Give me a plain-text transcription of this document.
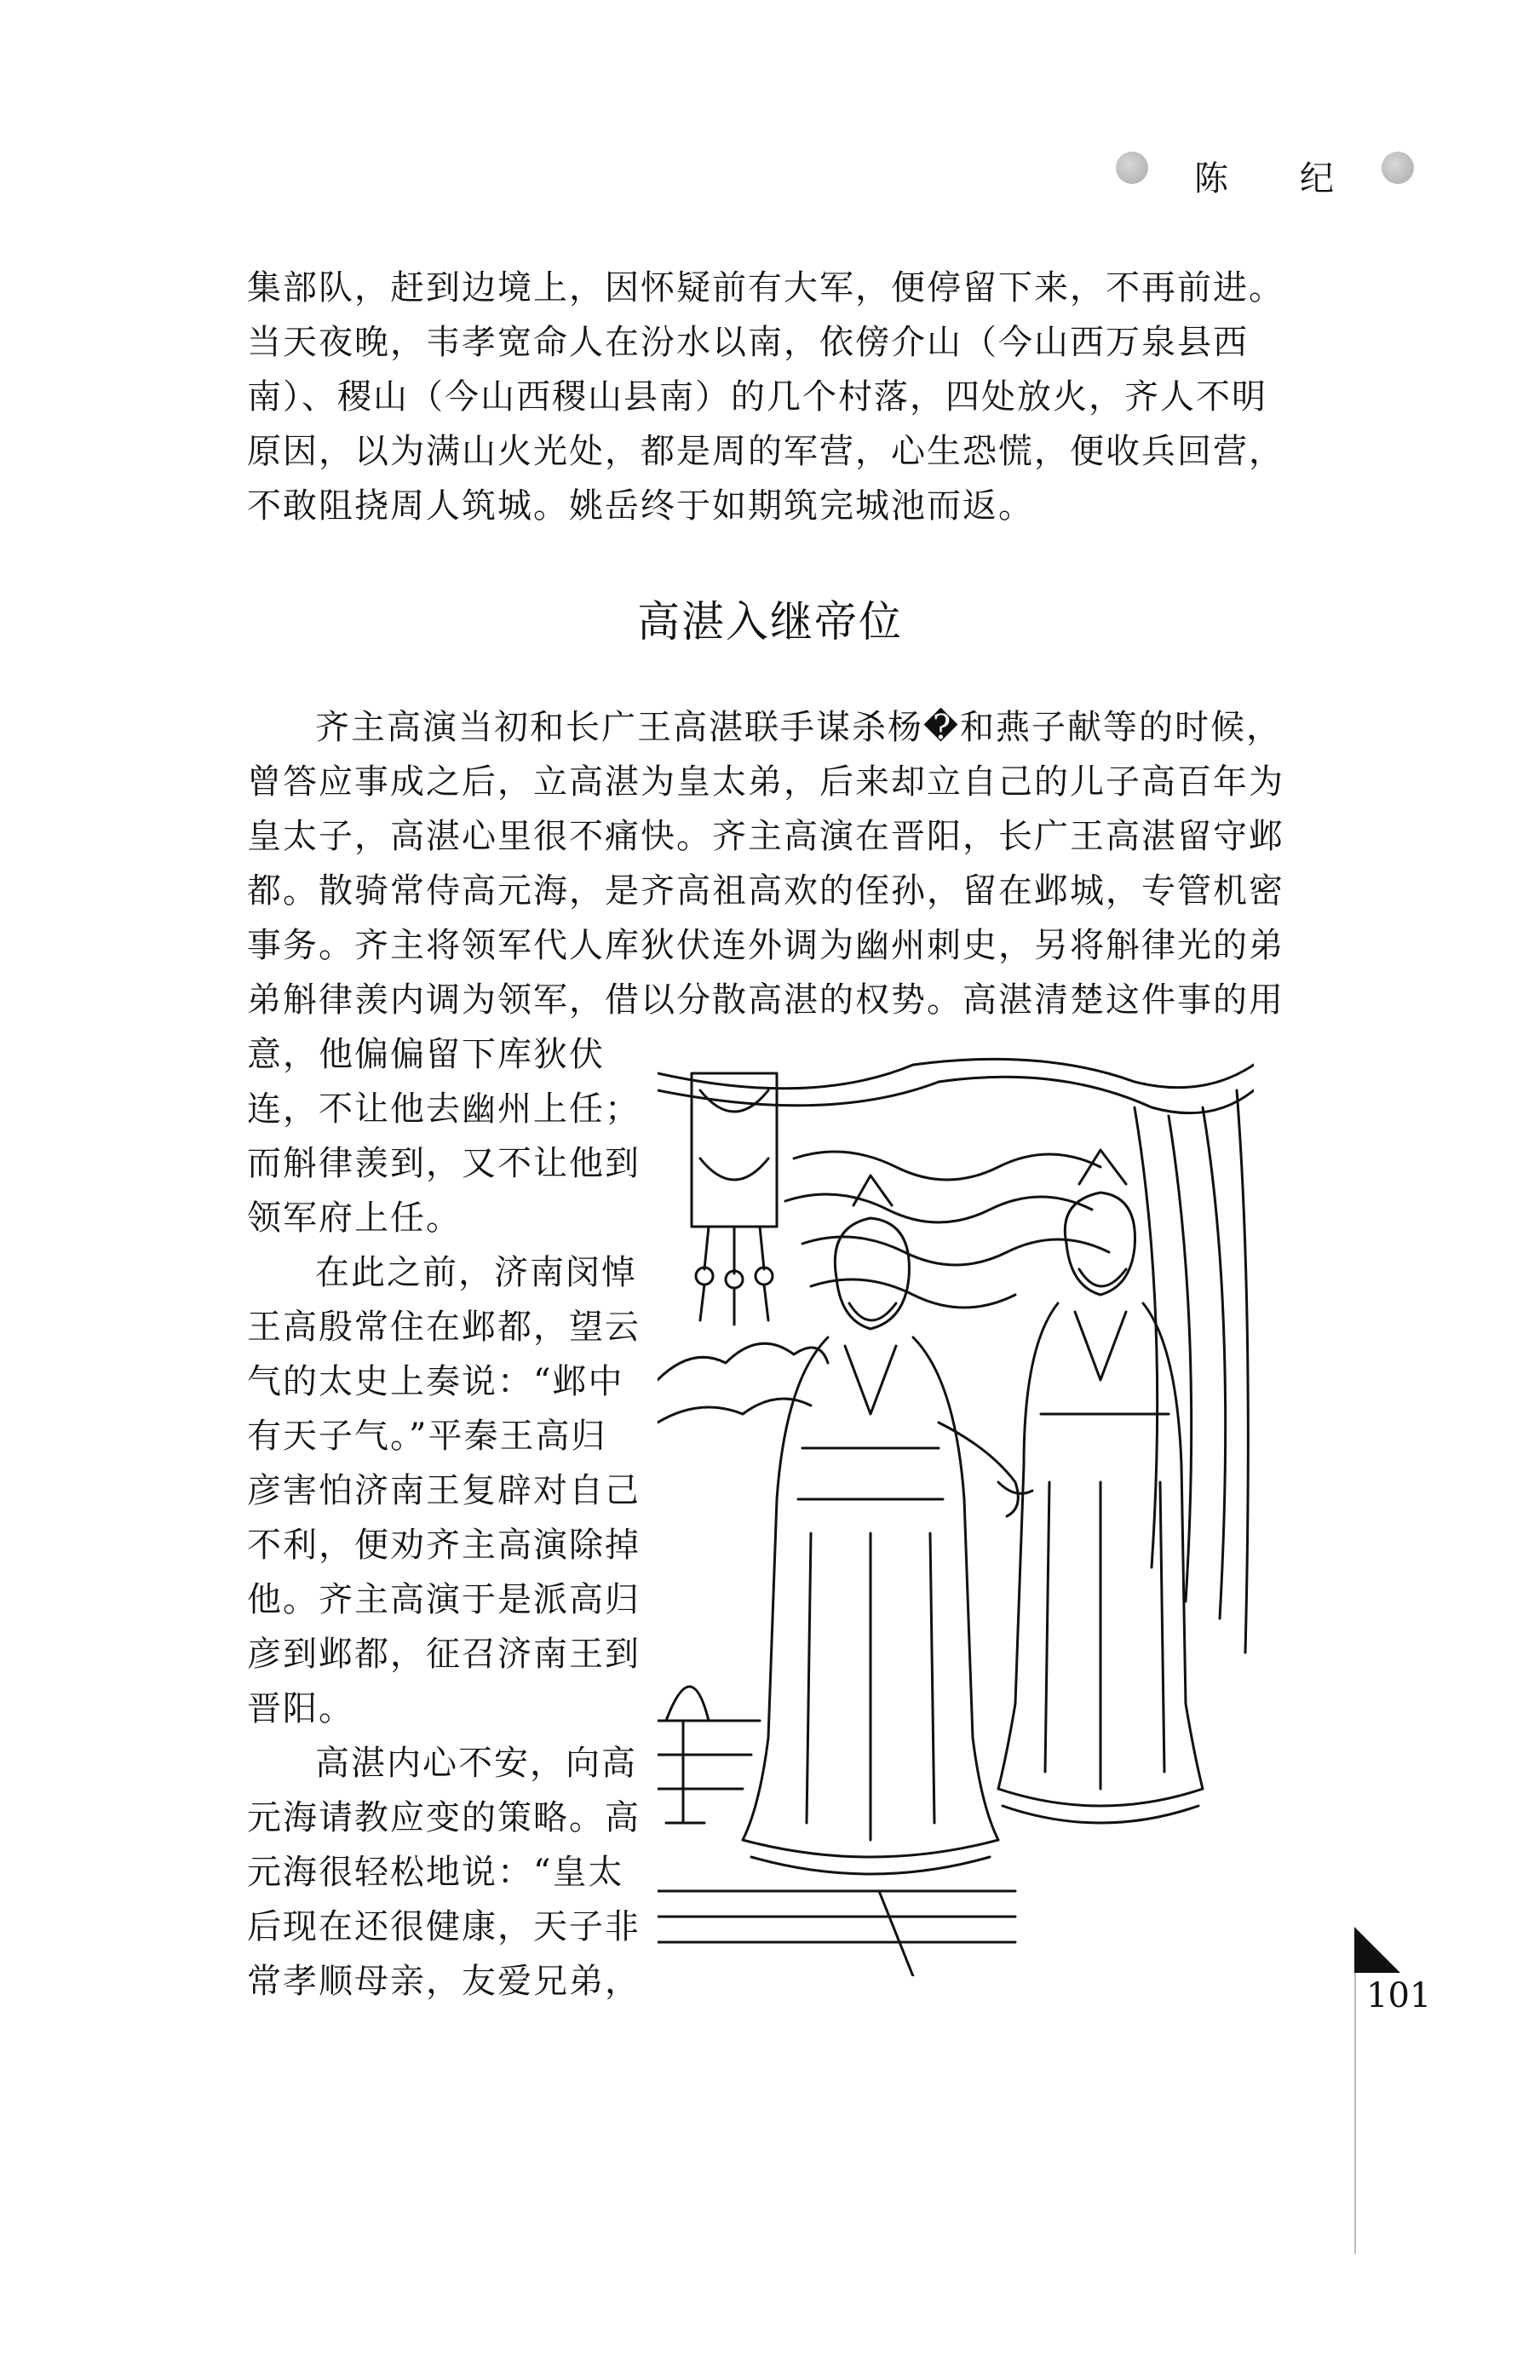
陈 纪
集部队，赶到边境上，因怀疑前有大军，便停留下来，不再前进。
当天夜晚，韦孝宽命人在汾水以南，依傍介山（今山西万泉县西
南）、稷山（今山西稷山县南）的几个村落，四处放火，齐人不明
原因，以为满山火光处，都是周的军营，心生恐慌，便收兵回营，
不敢阻挠周人筑城。姚岳终于如期筑完城池而返。
高湛入继帝位
齐主高演当初和长广王高湛联手谋杀杨�和燕子献等的时候，
曾答应事成之后，立高湛为皇太弟，后来却立自己的儿子高百年为
皇太子，高湛心里很不痛快。齐主高演在晋阳，长广王高湛留守邺
都。散骑常侍高元海，是齐高祖高欢的侄孙，留在邺城，专管机密
事务。齐主将领军代人库狄伏连外调为幽州刺史，另将斛律光的弟
弟斛律羡内调为领军，借以分散高湛的权势。高湛清楚这件事的用
意，他偏偏留下库狄伏
连，不让他去幽州上任；
而斛律羡到，又不让他到
领军府上任。
在此之前，济南闵悼
王高殷常住在邺都，望云
气的太史上奏说：“邺中
有天子气。”平秦王高归
彦害怕济南王复辟对自己
不利，便劝齐主高演除掉
他。齐主高演于是派高归
彦到邺都，征召济南王到
晋阳。
高湛内心不安，向高
元海请教应变的策略。高
元海很轻松地说：“皇太
后现在还很健康，天子非
常孝顺母亲，友爱兄弟，	101
